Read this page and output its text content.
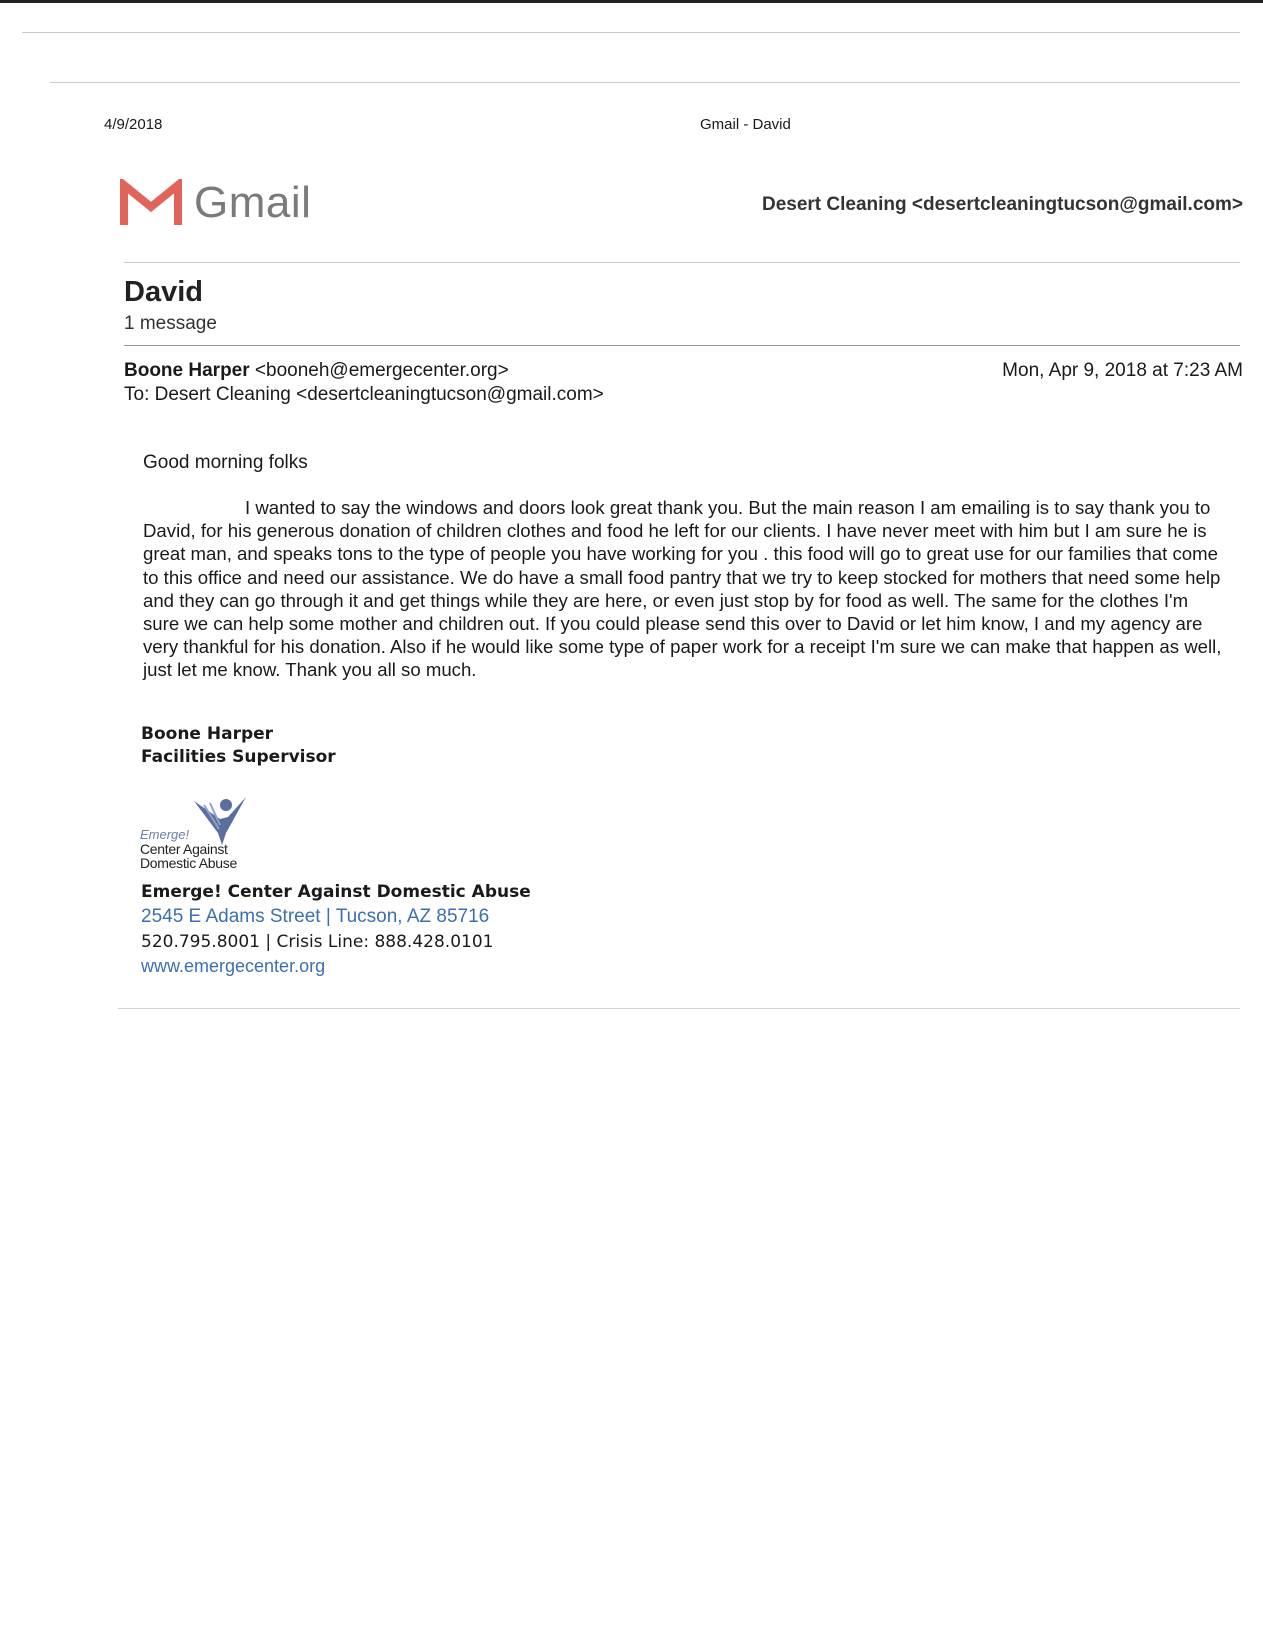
4/9/2018	Gmail - David
Gmail	Desert Cleaning <desertcleaningtucson@gmail.com>
David
1 message
Boone Harper <booneh@emergecenter.org>
To: Desert Cleaning <desertcleaningtucson@gmail.com>
Mon, Apr 9, 2018 at 7:23 AM
Good morning folks

I wanted to say the windows and doors look great thank you. But the main reason I am emailing is to say thank you to David, for his generous donation of children clothes and food he left for our clients. I have never meet with him but I am sure he is great man, and speaks tons to the type of people you have working for you . this food will go to great use for our families that come to this office and need our assistance. We do have a small food pantry that we try to keep stocked for mothers that need some help and they can go through it and get things while they are here, or even just stop by for food as well. The same for the clothes I'm sure we can help some mother and children out. If you could please send this over to David or let him know, I and my agency are very thankful for his donation. Also if he would like some type of paper work for a receipt I'm sure we can make that happen as well, just let me know. Thank you all so much.

Boone Harper
Facilities Supervisor
Emerge!
Center Against
Domestic Abuse
Emerge! Center Against Domestic Abuse
2545 E Adams Street | Tucson, AZ 85716
520.795.8001 | Crisis Line: 888.428.0101
www.emergecenter.org
